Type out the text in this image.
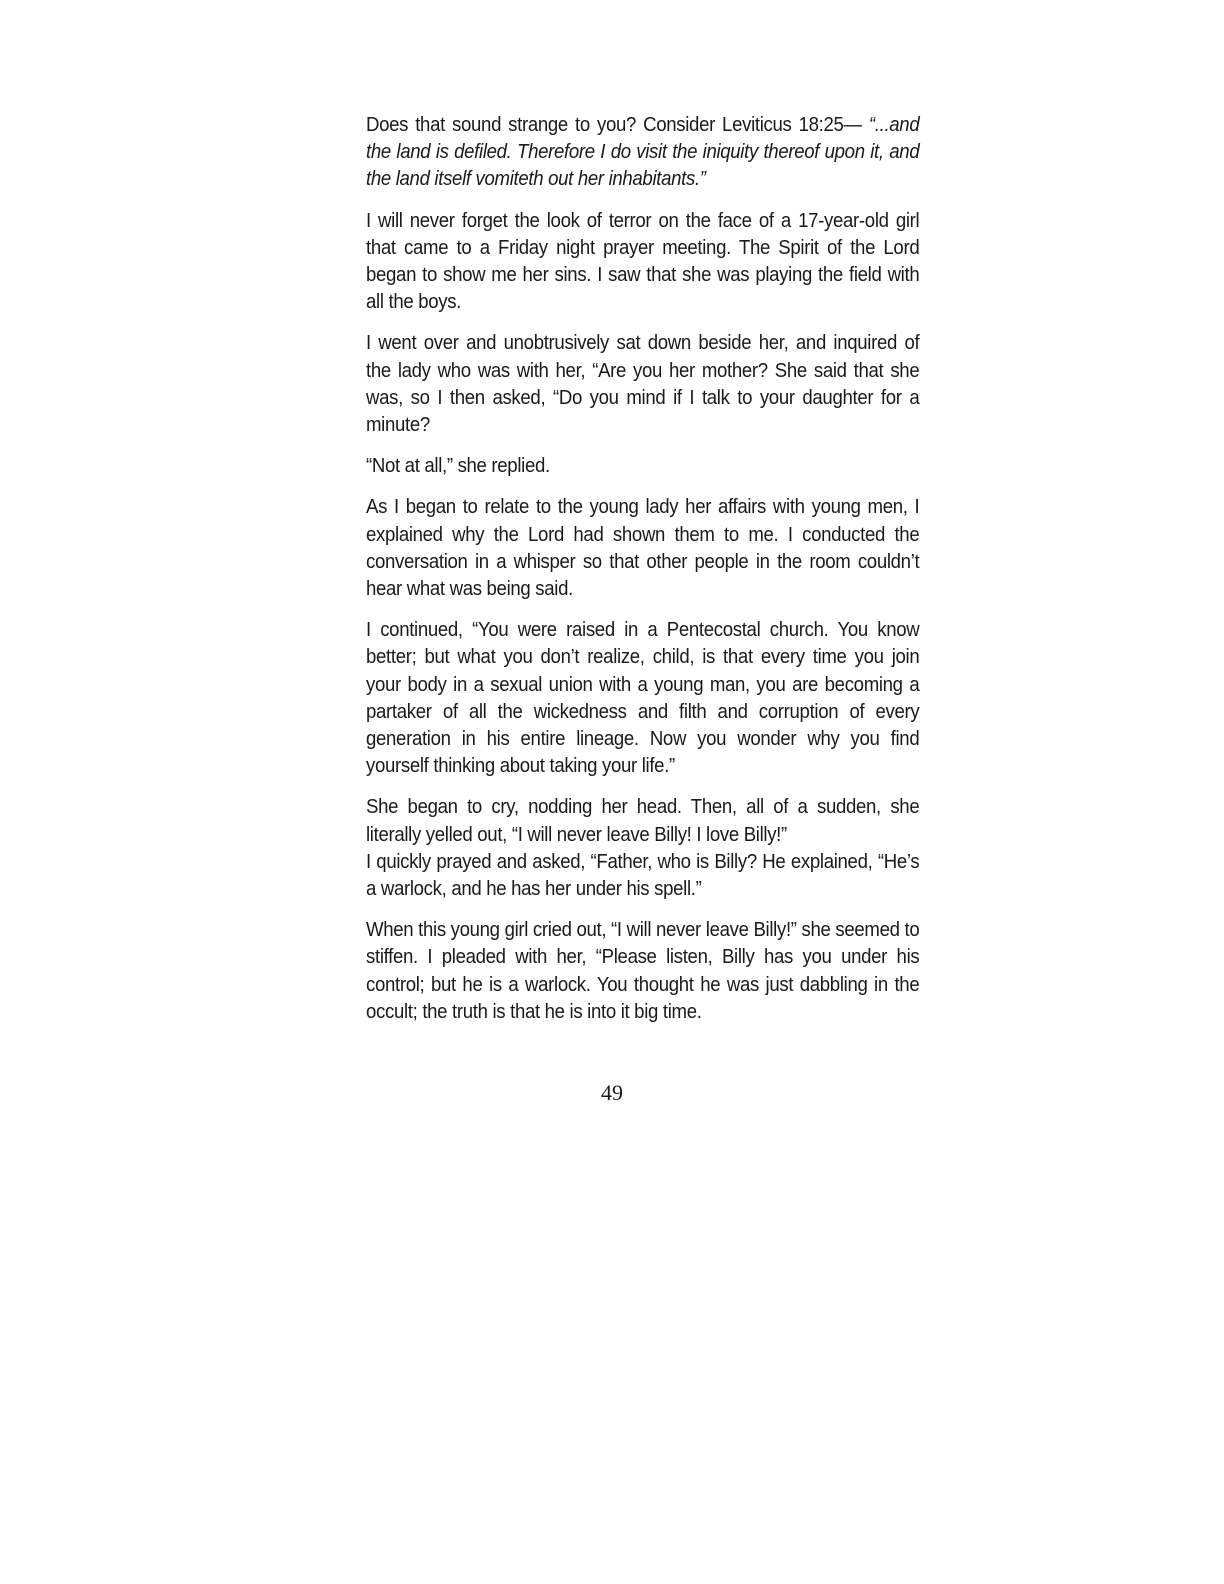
Does that sound strange to you? Consider Leviticus 18:25— “...and the land is defiled. Therefore I do visit the iniquity thereof upon it, and the land itself vomiteth out her inhabitants.”

I will never forget the look of terror on the face of a 17-year-old girl that came to a Friday night prayer meeting. The Spirit of the Lord began to show me her sins. I saw that she was playing the field with all the boys.

I went over and unobtrusively sat down beside her, and inquired of the lady who was with her, “Are you her mother? She said that she was, so I then asked, “Do you mind if I talk to your daughter for a minute?

“Not at all,” she replied.

As I began to relate to the young lady her affairs with young men, I explained why the Lord had shown them to me. I conducted the conversation in a whisper so that other people in the room couldn’t hear what was being said.

I continued, “You were raised in a Pentecostal church. You know better; but what you don’t realize, child, is that every time you join your body in a sexual union with a young man, you are becoming a partaker of all the wickedness and filth and corruption of every generation in his entire lineage. Now you wonder why you find yourself thinking about taking your life.”

She began to cry, nodding her head. Then, all of a sudden, she literally yelled out, “I will never leave Billy! I love Billy!”

I quickly prayed and asked, “Father, who is Billy? He explained, “He’s a warlock, and he has her under his spell.”

When this young girl cried out, “I will never leave Billy!” she seemed to stiffen. I pleaded with her, “Please listen, Billy has you under his control; but he is a warlock. You thought he was just dabbling in the occult; the truth is that he is into it big time.

49
